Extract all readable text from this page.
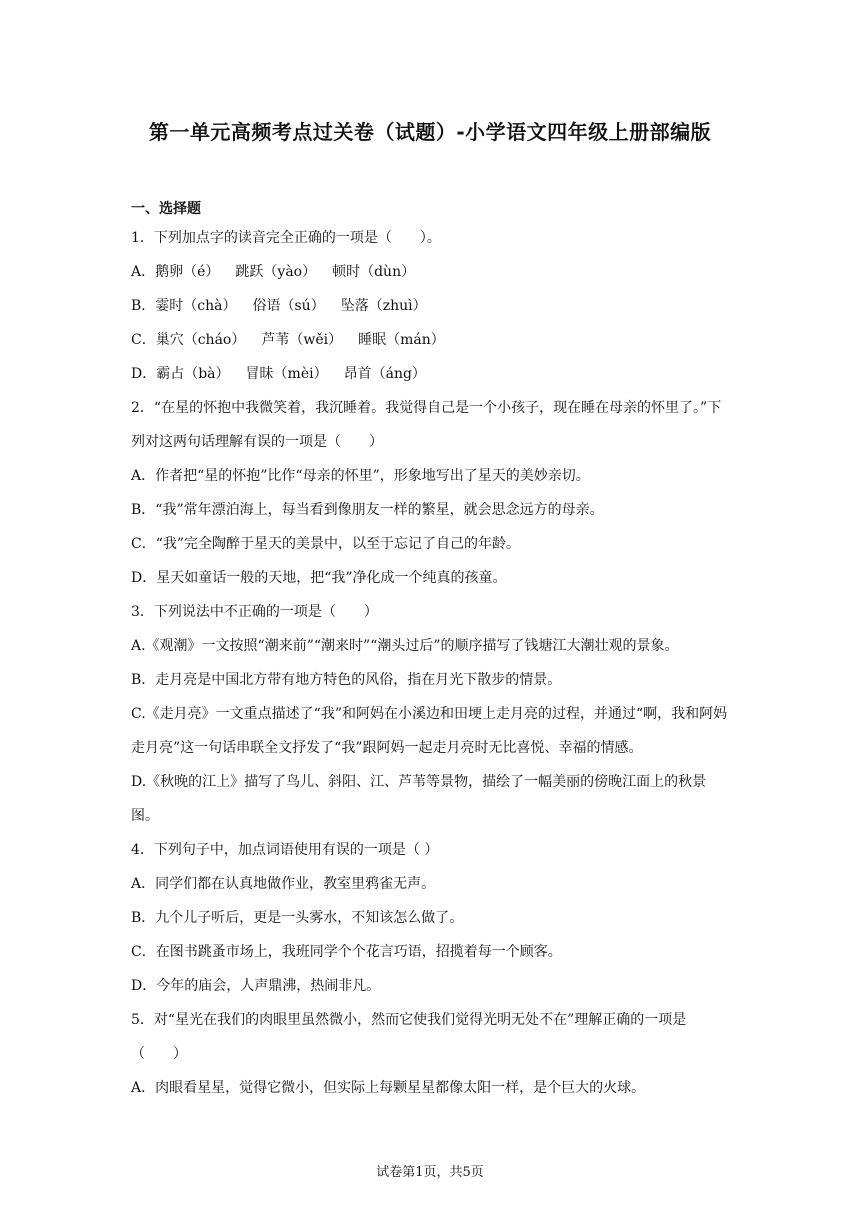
第一单元高频考点过关卷（试题）-小学语文四年级上册部编版
一、选择题
1．下列加点字的读音完全正确的一项是（　　）。
A．鹅卵（é） 跳跃（yào） 顿时（dùn）
B．霎时（chà） 俗语（sú） 坠落（zhuì）
C．巢穴（cháo） 芦苇（wěi） 睡眠（mán）
D．霸占（bà） 冒昧（mèi） 昂首（áng）
2．“在星的怀抱中我微笑着，我沉睡着。我觉得自己是一个小孩子，现在睡在母亲的怀里了。”下列对这两句话理解有误的一项是（　　）
A．作者把“星的怀抱”比作“母亲的怀里”，形象地写出了星天的美妙亲切。
B．“我”常年漂泊海上，每当看到像朋友一样的繁星，就会思念远方的母亲。
C．“我”完全陶醉于星天的美景中，以至于忘记了自己的年龄。
D．星天如童话一般的天地，把“我”净化成一个纯真的孩童。
3．下列说法中不正确的一项是（　　）
A.《观潮》一文按照“潮来前”“潮来时”“潮头过后”的顺序描写了钱塘江大潮壮观的景象。
B．走月亮是中国北方带有地方特色的风俗，指在月光下散步的情景。
C.《走月亮》一文重点描述了“我”和阿妈在小溪边和田埂上走月亮的过程，并通过“啊，我和阿妈走月亮”这一句话串联全文抒发了“我”跟阿妈一起走月亮时无比喜悦、幸福的情感。
D.《秋晚的江上》描写了鸟儿、斜阳、江、芦苇等景物，描绘了一幅美丽的傍晚江面上的秋景图。
4．下列句子中，加点词语使用有误的一项是（ ）
A．同学们都在认真地做作业，教室里鸦雀无声。
B．九个儿子听后，更是一头雾水，不知该怎么做了。
C．在图书跳蚤市场上，我班同学个个花言巧语，招揽着每一个顾客。
D．今年的庙会，人声鼎沸，热闹非凡。
5．对“星光在我们的肉眼里虽然微小，然而它使我们觉得光明无处不在”理解正确的一项是（　　）
A．肉眼看星星，觉得它微小，但实际上每颗星星都像太阳一样，是个巨大的火球。
试卷第1页，共5页
